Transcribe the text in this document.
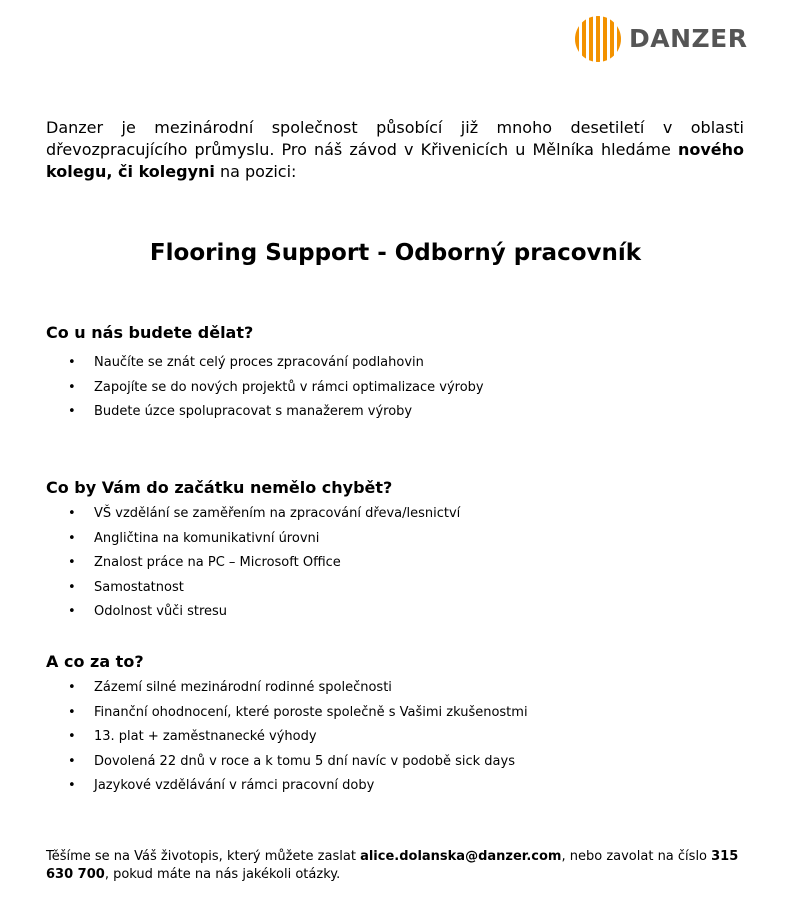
DANZER

Danzer je mezinárodní společnost působící již mnoho desetiletí v oblasti dřevozpracujícího průmyslu. Pro náš závod v Křivenicích u Mělníka hledáme nového kolegu, či kolegyni na pozici:

Flooring Support - Odborný pracovník
Co u nás budete dělat?
• Naučíte se znát celý proces zpracování podlahovin
• Zapojíte se do nových projektů v rámci optimalizace výroby
• Budete úzce spolupracovat s manažerem výroby
Co by Vám do začátku nemělo chybět?
• VŠ vzdělání se zaměřením na zpracování dřeva/lesnictví
• Angličtina na komunikativní úrovni
• Znalost práce na PC – Microsoft Office
• Samostatnost
• Odolnost vůči stresu
A co za to?
• Zázemí silné mezinárodní rodinné společnosti
• Finanční ohodnocení, které poroste společně s Vašimi zkušenostmi
• 13. plat + zaměstnanecké výhody
• Dovolená 22 dnů v roce a k tomu 5 dní navíc v podobě sick days
• Jazykové vzdělávání v rámci pracovní doby

Těšíme se na Váš životopis, který můžete zaslat alice.dolanska@danzer.com, nebo zavolat na číslo 315 630 700, pokud máte na nás jakékoli otázky.
